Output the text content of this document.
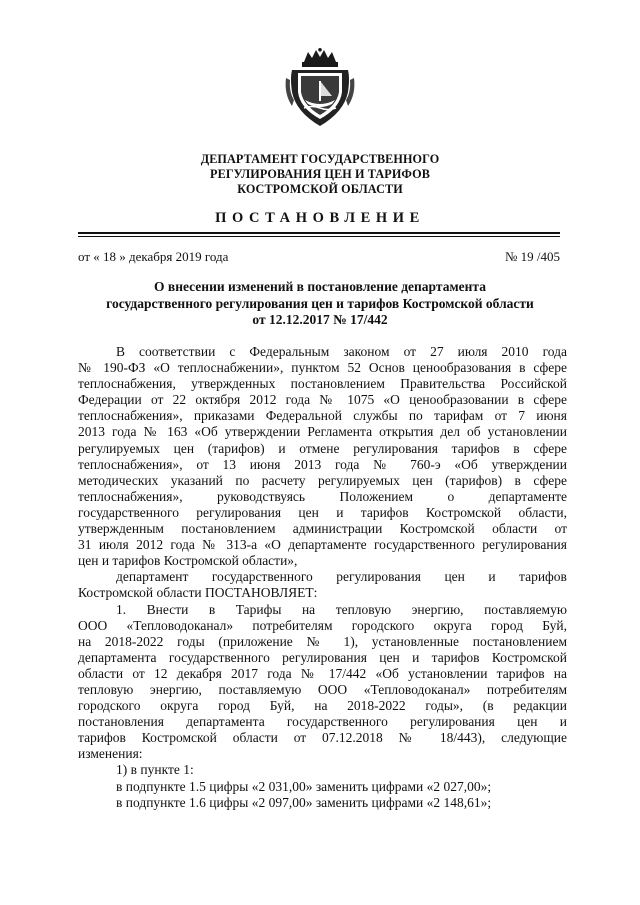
ДЕПАРТАМЕНТ ГОСУДАРСТВЕННОГО
РЕГУЛИРОВАНИЯ ЦЕН И ТАРИФОВ
КОСТРОМСКОЙ ОБЛАСТИ
ПОСТАНОВЛЕНИЕ
от « 18 » декабря 2019 года	№ 19 /405
О внесении изменений в постановление департамента
государственного регулирования цен и тарифов Костромской области
от 12.12.2017 № 17/442

В соответствии с Федеральным законом от 27 июля 2010 года

№ 190-ФЗ «О теплоснабжении», пунктом 52 Основ ценообразования в сфере

теплоснабжения, утвержденных постановлением Правительства Российской

Федерации от 22 октября 2012 года № 1075 «О ценообразовании в сфере

теплоснабжения», приказами Федеральной службы по тарифам от 7 июня

2013 года № 163 «Об утверждении Регламента открытия дел об установлении

регулируемых цен (тарифов) и отмене регулирования тарифов в сфере

теплоснабжения», от 13 июня 2013 года № 760-э «Об утверждении

методических указаний по расчету регулируемых цен (тарифов) в сфере

теплоснабжения»,	руководствуясь	Положением	о	департаменте

государственного регулирования цен и тарифов Костромской области,

утвержденным постановлением администрации Костромской области от

31 июля 2012 года № 313-а «О департаменте государственного регулирования

цен и тарифов Костромской области»,

департамент государственного регулирования цен и тарифов

Костромской области ПОСТАНОВЛЯЕТ:

1. Внести в Тарифы на тепловую энергию, поставляемую

ООО «Тепловодоканал» потребителям городского округа город Буй,

на 2018-2022 годы (приложение № 1), установленные постановлением

департамента государственного регулирования цен и тарифов Костромской

области от 12 декабря 2017 года № 17/442 «Об установлении тарифов на

тепловую энергию, поставляемую ООО «Тепловодоканал» потребителям

городского округа город Буй, на 2018-2022 годы», (в редакции

постановления департамента государственного регулирования цен и

тарифов Костромской области от 07.12.2018 № 18/443), следующие

изменения:

1) в пункте 1:

в подпункте 1.5 цифры «2 031,00» заменить цифрами «2 027,00»;

в подпункте 1.6 цифры «2 097,00» заменить цифрами «2 148,61»;
